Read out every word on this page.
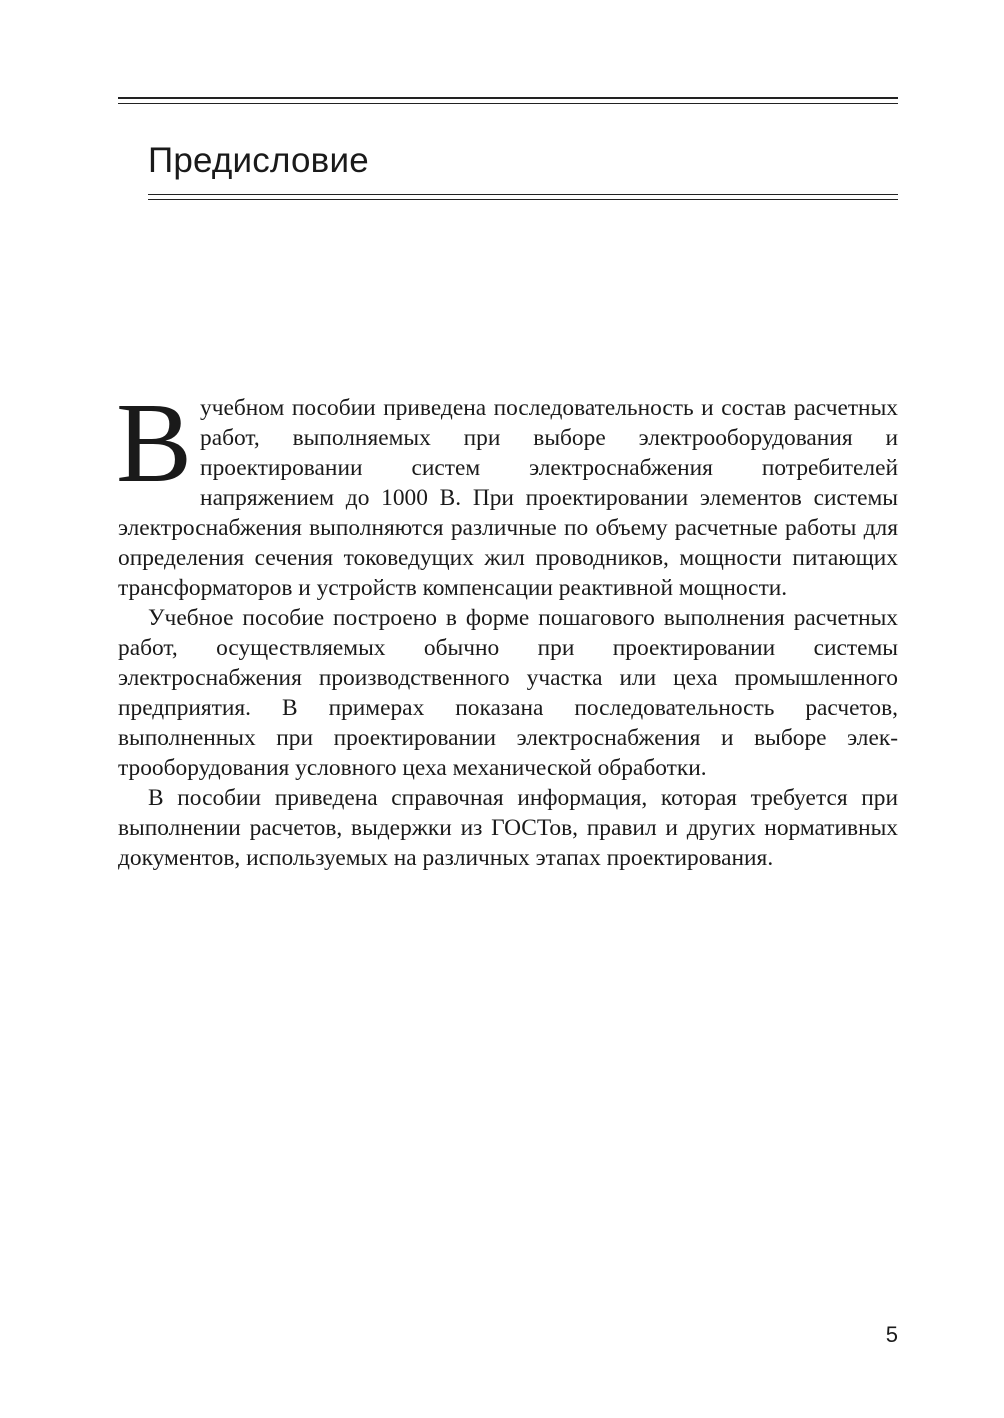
Предисловие

В учебном пособии приведена последовательность и состав расчетных работ, выполняемых при выборе электрооборудования и проектировании систем электроснабжения потребителей напряжением до 1000 В. При проектировании элементов системы электроснабжения выполняются различные по объему расчетные работы для определения сечения токоведущих жил проводников, мощности питающих трансформаторов и устройств компенсации реактивной мощности.

Учебное пособие построено в форме пошагового выполнения расчетных работ, осуществляемых обычно при проектировании системы электроснабжения производственного участка или цеха промышленного предприятия. В примерах показана последовательность расчетов, выполненных при проектировании электроснабжения и выборе электрооборудования условного цеха механической обработки.

В пособии приведена справочная информация, которая требуется при выполнении расчетов, выдержки из ГОСТов, правил и других нормативных документов, используемых на различных этапах проектирования.

5
